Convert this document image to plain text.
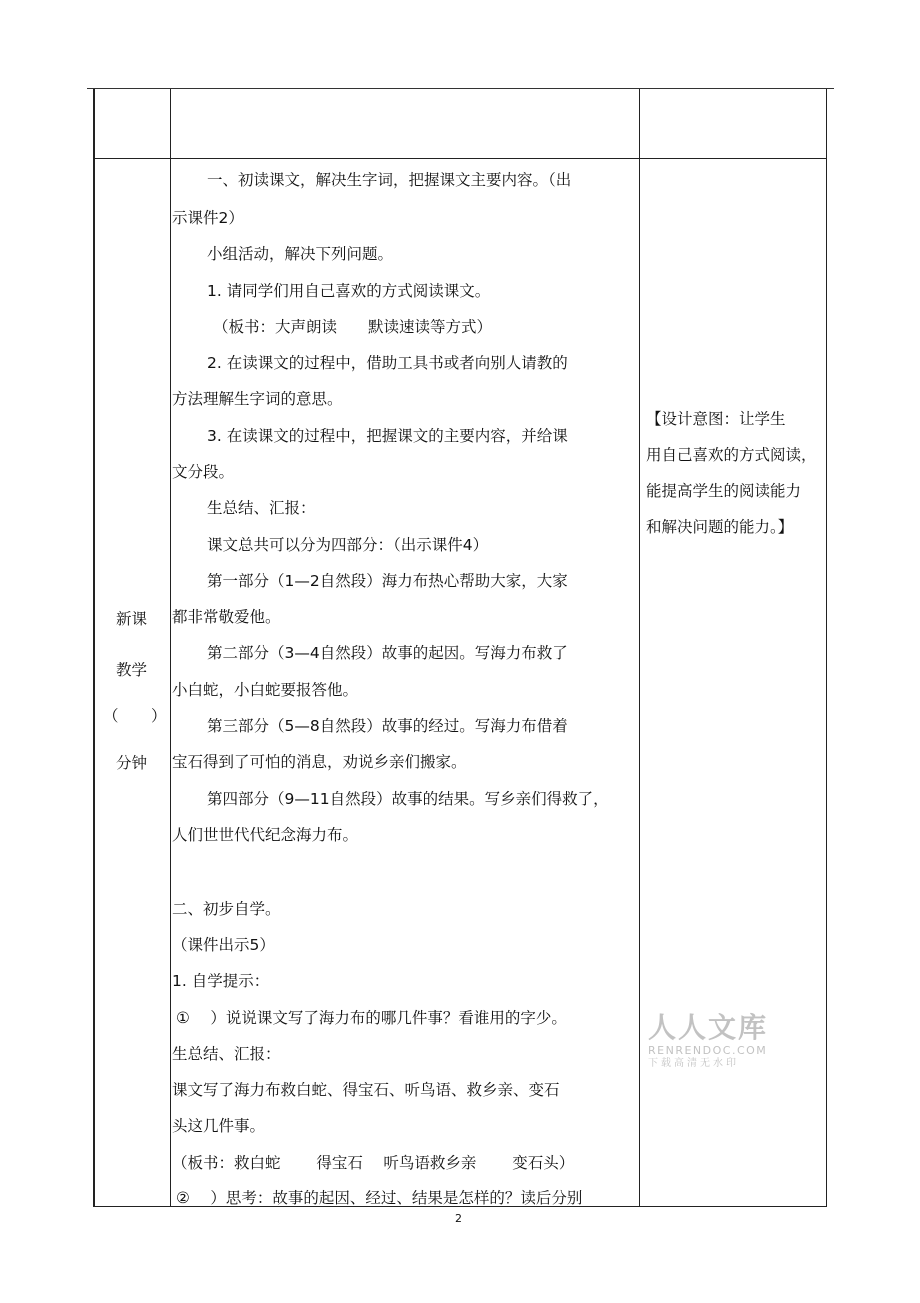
新课
教学
（ ）
分钟
一、初读课文，解决生字词，把握课文主要内容。（出
示课件2）
小组活动，解决下列问题。
1. 请同学们用自己喜欢的方式阅读课文。
（板书：大声朗读　　默读速读等方式）
2. 在读课文的过程中，借助工具书或者向别人请教的
方法理解生字词的意思。
3. 在读课文的过程中，把握课文的主要内容，并给课
文分段。
生总结、汇报：
课文总共可以分为四部分：（出示课件4）
第一部分（1—2自然段）海力布热心帮助大家，大家
都非常敬爱他。
第二部分（3—4自然段）故事的起因。写海力布救了
小白蛇，小白蛇要报答他。
第三部分（5—8自然段）故事的经过。写海力布借着
宝石得到了可怕的消息，劝说乡亲们搬家。
第四部分（9—11自然段）故事的结果。写乡亲们得救了，
人们世世代代纪念海力布。
二、初步自学。
（课件出示5）
1. 自学提示：
①　 ）说说课文写了海力布的哪几件事？看谁用的字少。
生总结、汇报：
课文写了海力布救白蛇、得宝石、听鸟语、救乡亲、变石
头这几件事。
（板书：救白蛇　　 得宝石　 听鸟语救乡亲　　 变石头）
②　 ）思考：故事的起因、经过、结果是怎样的？读后分别
【设计意图：让学生
用自己喜欢的方式阅读，
能提高学生的阅读能力
和解决问题的能力。】
人人文库
RENRENDOC.COM
下载高清无水印
2
